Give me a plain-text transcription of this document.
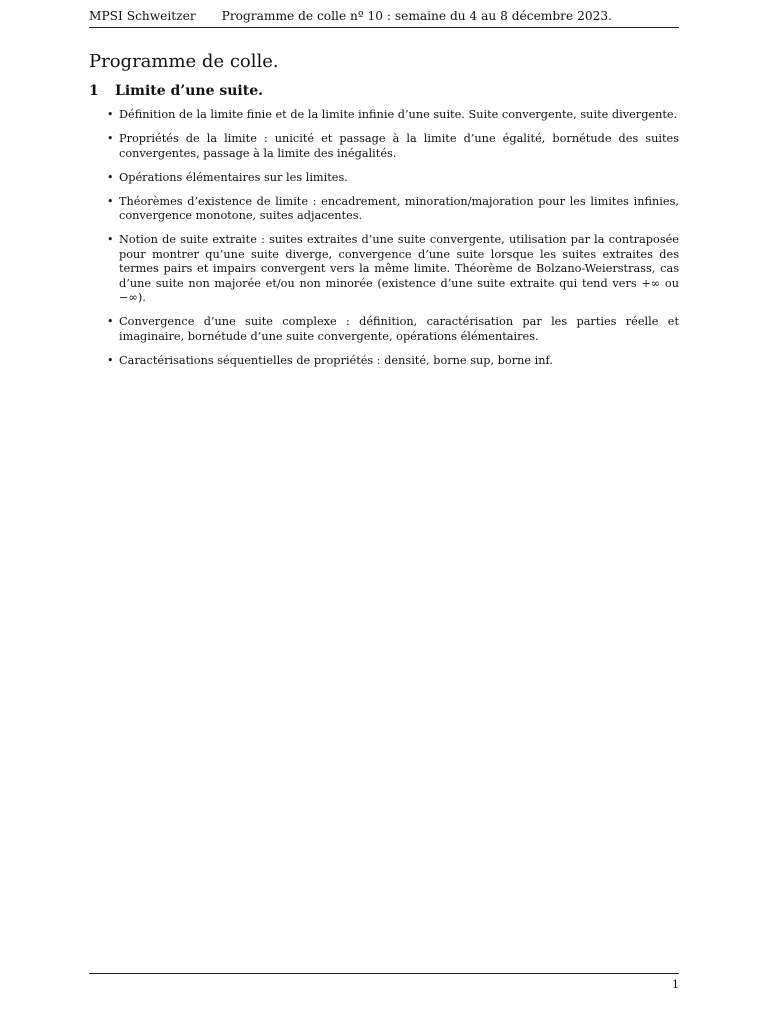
MPSI Schweitzer Programme de colle nº 10 : semaine du 4 au 8 décembre 2023.
Programme de colle.
1 Limite d’une suite.
• Définition de la limite finie et de la limite infinie d’une suite. Suite convergente, suite divergente.
• Propriétés de la limite : unicité et passage à la limite d’une égalité, bornétude des suites convergentes, passage à la limite des inégalités.
• Opérations élémentaires sur les limites.
• Théorèmes d’existence de limite : encadrement, minoration/majoration pour les limites infinies, convergence monotone, suites adjacentes.
• Notion de suite extraite : suites extraites d’une suite convergente, utilisation par la contraposée pour montrer qu’une suite diverge, convergence d’une suite lorsque les suites extraites des termes pairs et impairs convergent vers la même limite. Théorème de Bolzano-Weierstrass, cas d’une suite non majorée et/ou non minorée (existence d’une suite extraite qui tend vers +∞ ou −∞).
• Convergence d’une suite complexe : définition, caractérisation par les parties réelle et imaginaire, bornétude d’une suite convergente, opérations élémentaires.
• Caractérisations séquentielles de propriétés : densité, borne sup, borne inf.
1
